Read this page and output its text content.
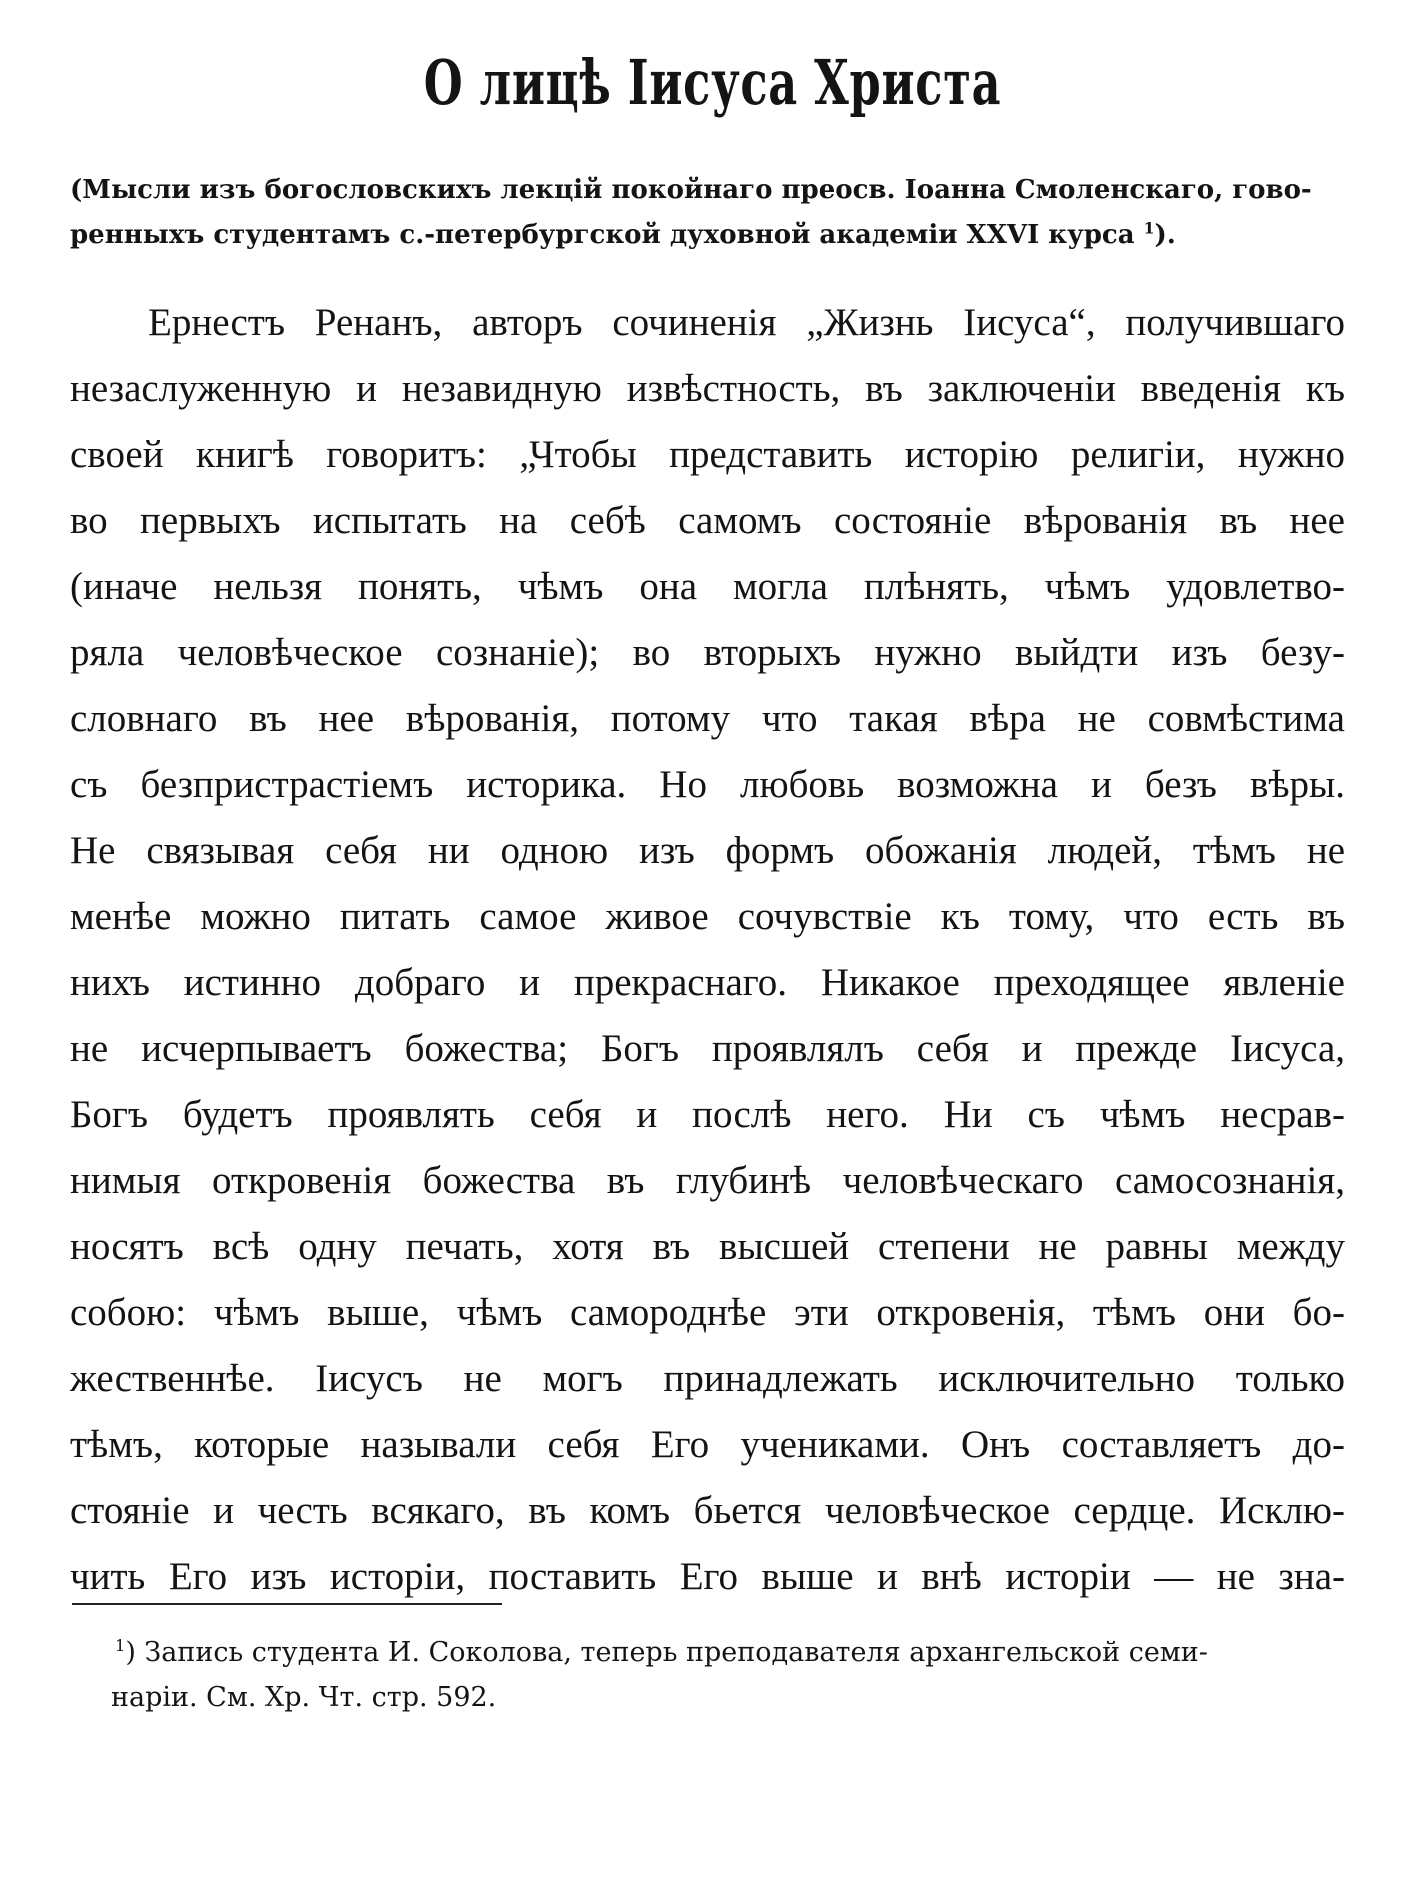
О лицѣ Іисуса Христа

(Мысли изъ богословскихъ лекцій покойнаго преосв. Іоанна Смоленскаго, гово-
ренныхъ студентамъ с.-петербургской духовной академіи XXVI курса $^1$).

Ернестъ Ренанъ, авторъ сочиненія „Жизнь Іисуса“, получившаго

незаслуженную и незавидную извѣстность, въ заключеніи введенія къ

своей книгѣ говоритъ: „Чтобы представить исторію религіи, нужно

во первыхъ испытать на себѣ самомъ состояніе вѣрованія въ нее

(иначе нельзя понять, чѣмъ она могла плѣнять, чѣмъ удовлетво-

ряла человѣческое сознаніе); во вторыхъ нужно выйдти изъ безу-

словнаго въ нее вѣрованія, потому что такая вѣра не совмѣстима

съ безпристрастіемъ историка. Но любовь возможна и безъ вѣры.

Не связывая себя ни одною изъ формъ обожанія людей, тѣмъ не

менѣе можно питать самое живое сочувствіе къ тому, что есть въ

нихъ истинно добраго и прекраснаго. Никакое преходящее явленіе

не исчерпываетъ божества; Богъ проявлялъ себя и прежде Іисуса,

Богъ будетъ проявлять себя и послѣ него. Ни съ чѣмъ несрав-

нимыя откровенія божества въ глубинѣ человѣческаго самосознанія,

носятъ всѣ одну печать, хотя въ высшей степени не равны между

собою: чѣмъ выше, чѣмъ самороднѣе эти откровенія, тѣмъ они бо-

жественнѣе. Іисусъ не могъ принадлежать исключительно только

тѣмъ, которые называли себя Его учениками. Онъ составляетъ до-

стояніе и честь всякаго, въ комъ бьется человѣческое сердце. Исклю-

чить Его изъ исторіи, поставить Его выше и внѣ исторіи — не зна-

$^1$) Запись студента И. Соколова, теперь преподавателя архангельской семи-
наріи. См. Хр. Чт. стр. 592.
